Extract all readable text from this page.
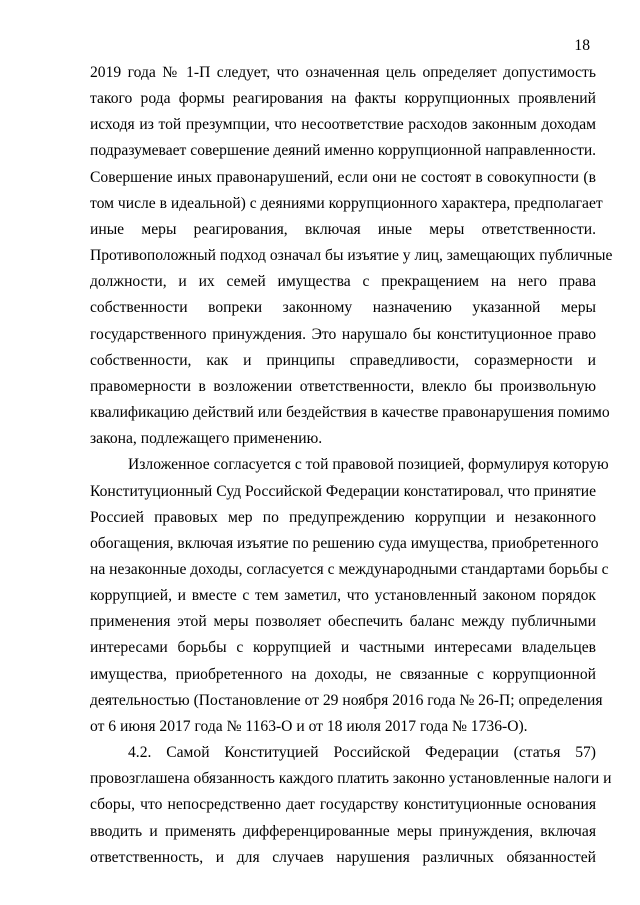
18
2019 года № 1-П следует, что означенная цель определяет допустимость
такого рода формы реагирования на факты коррупционных проявлений
исходя из той презумпции, что несоответствие расходов законным доходам
подразумевает совершение деяний именно коррупционной направленности.
Совершение иных правонарушений, если они не состоят в совокупности (в
том числе в идеальной) с деяниями коррупционного характера, предполагает
иные меры реагирования, включая иные меры ответственности.
Противоположный подход означал бы изъятие у лиц, замещающих публичные
должности, и их семей имущества с прекращением на него права
собственности вопреки законному назначению указанной меры
государственного принуждения. Это нарушало бы конституционное право
собственности, как и принципы справедливости, соразмерности и
правомерности в возложении ответственности, влекло бы произвольную
квалификацию действий или бездействия в качестве правонарушения помимо
закона, подлежащего применению.
Изложенное согласуется с той правовой позицией, формулируя которую
Конституционный Суд Российской Федерации констатировал, что принятие
Россией правовых мер по предупреждению коррупции и незаконного
обогащения, включая изъятие по решению суда имущества, приобретенного
на незаконные доходы, согласуется с международными стандартами борьбы с
коррупцией, и вместе с тем заметил, что установленный законом порядок
применения этой меры позволяет обеспечить баланс между публичными
интересами борьбы с коррупцией и частными интересами владельцев
имущества, приобретенного на доходы, не связанные с коррупционной
деятельностью (Постановление от 29 ноября 2016 года № 26-П; определения
от 6 июня 2017 года № 1163-О и от 18 июля 2017 года № 1736-О).
4.2. Самой Конституцией Российской Федерации (статья 57)
провозглашена обязанность каждого платить законно установленные налоги и
сборы, что непосредственно дает государству конституционные основания
вводить и применять дифференцированные меры принуждения, включая
ответственность, и для случаев нарушения различных обязанностей
